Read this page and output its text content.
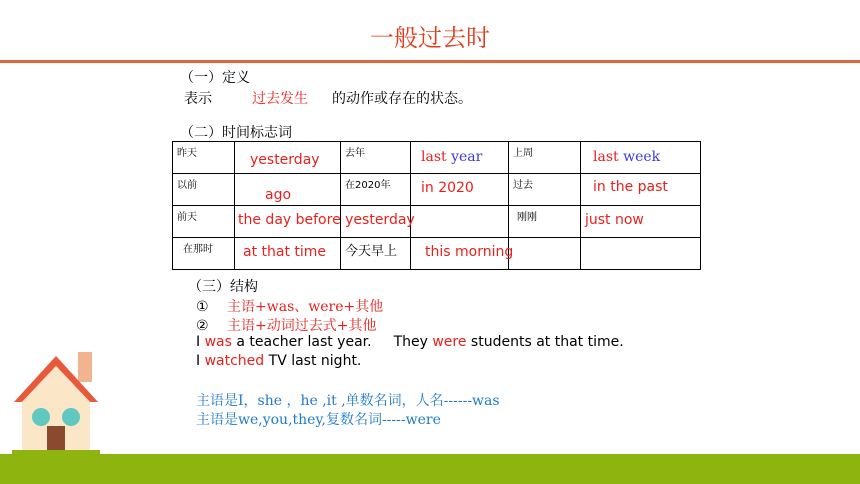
一般过去时
（一）定义
表示	过去发生 的动作或存在的状态。
（二）时间标志词
昨天	yesterday	去年	last year	上周	last week

以前	ago	在2020年	in 2020	过去	in the past

前天	the day before yesterday			刚刚	just now

在那时	at that time	今天早上	this morning		

（三）结构
① 主语+was、were+其他
② 主语+动词过去式+其他
I was a teacher last year. They were students at that time.
I watched TV last night.
主语是I，she ，he ,it ,单数名词，人名------was
主语是we,you,they,复数名词-----were
